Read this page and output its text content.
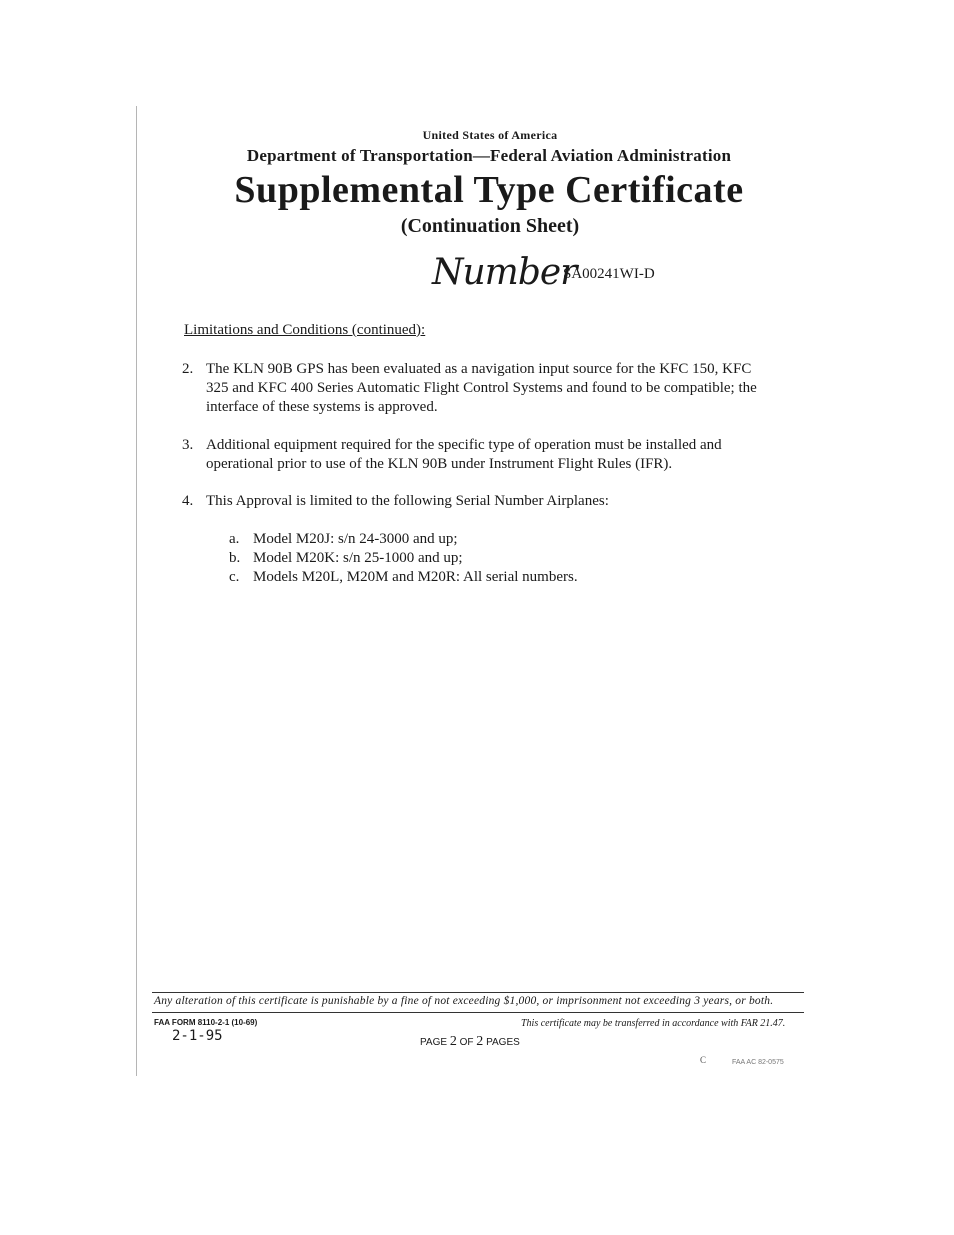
United States of America
Department of Transportation—Federal Aviation Administration
Supplemental Type Certificate
(Continuation Sheet)
Number
SA00241WI-D
Limitations and Conditions (continued):
2. The KLN 90B GPS has been evaluated as a navigation input source for the KFC 150, KFC 325 and KFC 400 Series Automatic Flight Control Systems and found to be compatible; the interface of these systems is approved.
3. Additional equipment required for the specific type of operation must be installed and operational prior to use of the KLN 90B under Instrument Flight Rules (IFR).
4. This Approval is limited to the following Serial Number Airplanes:
a. Model M20J: s/n 24-3000 and up;
b. Model M20K: s/n 25-1000 and up;
c. Models M20L, M20M and M20R: All serial numbers.
Any alteration of this certificate is punishable by a fine of not exceeding $1,000, or imprisonment not exceeding 3 years, or both.
FAA FORM 8110-2-1 (10-69)	This certificate may be transferred in accordance with FAR 21.47.
2-1-95	PAGE 2 OF 2 PAGES
C	FAA AC 82-0575
